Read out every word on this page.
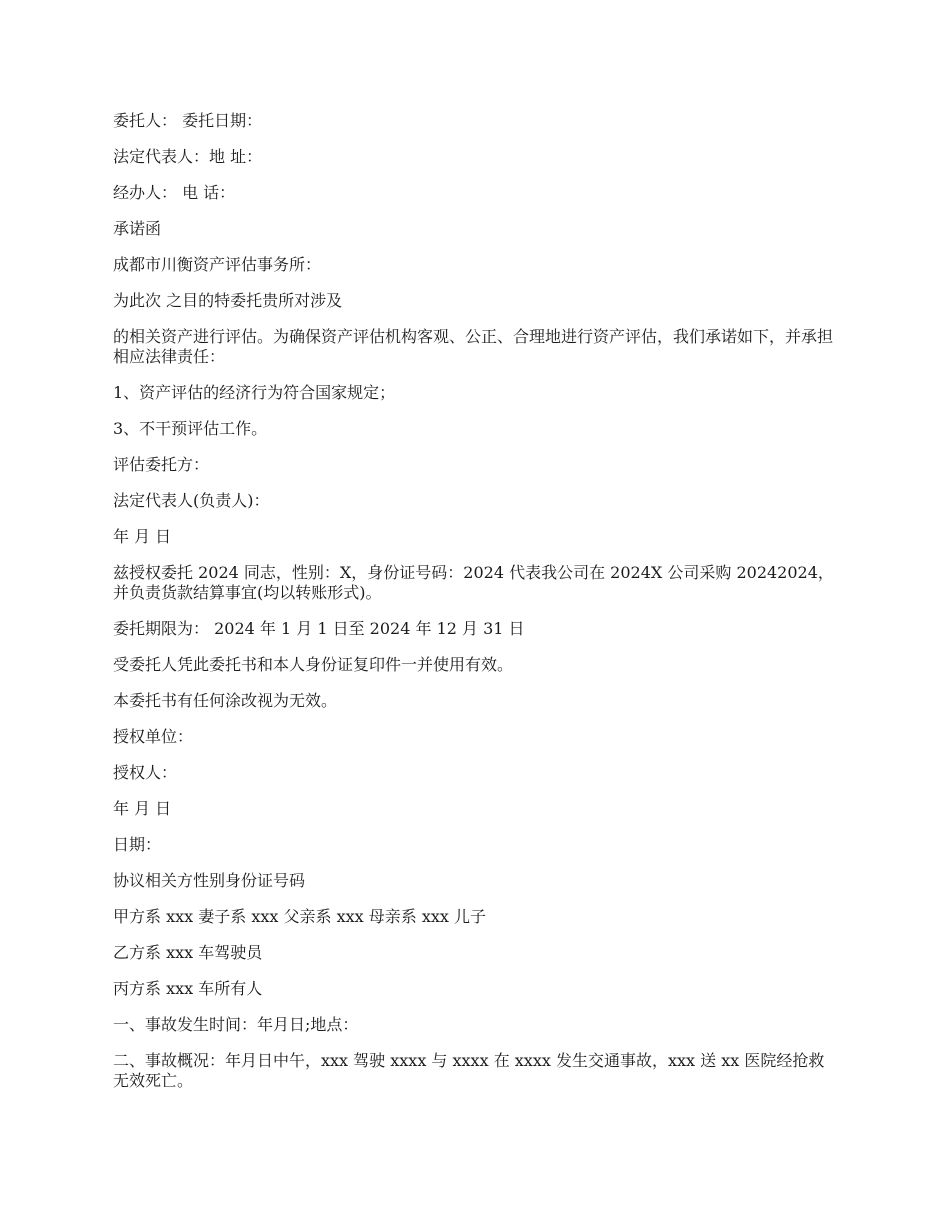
委托人： 委托日期：

法定代表人：地 址：

经办人： 电 话：

承诺函

成都市川衡资产评估事务所：

为此次 之目的特委托贵所对涉及

的相关资产进行评估。为确保资产评估机构客观、公正、合理地进行资产评估，我们承诺如下，并承担相应法律责任：

1、资产评估的经济行为符合国家规定；

3、不干预评估工作。

评估委托方：

法定代表人(负责人)：

年 月 日

兹授权委托 2024 同志，性别：X，身份证号码：2024 代表我公司在 2024X 公司采购 20242024，并负责货款结算事宜(均以转账形式)。

委托期限为： 2024 年 1 月 1 日至 2024 年 12 月 31 日

受委托人凭此委托书和本人身份证复印件一并使用有效。

本委托书有任何涂改视为无效。

授权单位：

授权人：

年 月 日

日期：

协议相关方性别身份证号码

甲方系 xxx 妻子系 xxx 父亲系 xxx 母亲系 xxx 儿子

乙方系 xxx 车驾驶员

丙方系 xxx 车所有人

一、事故发生时间：年月日;地点：

二、事故概况：年月日中午，xxx 驾驶 xxxx 与 xxxx 在 xxxx 发生交通事故，xxx 送 xx 医院经抢救无效死亡。
